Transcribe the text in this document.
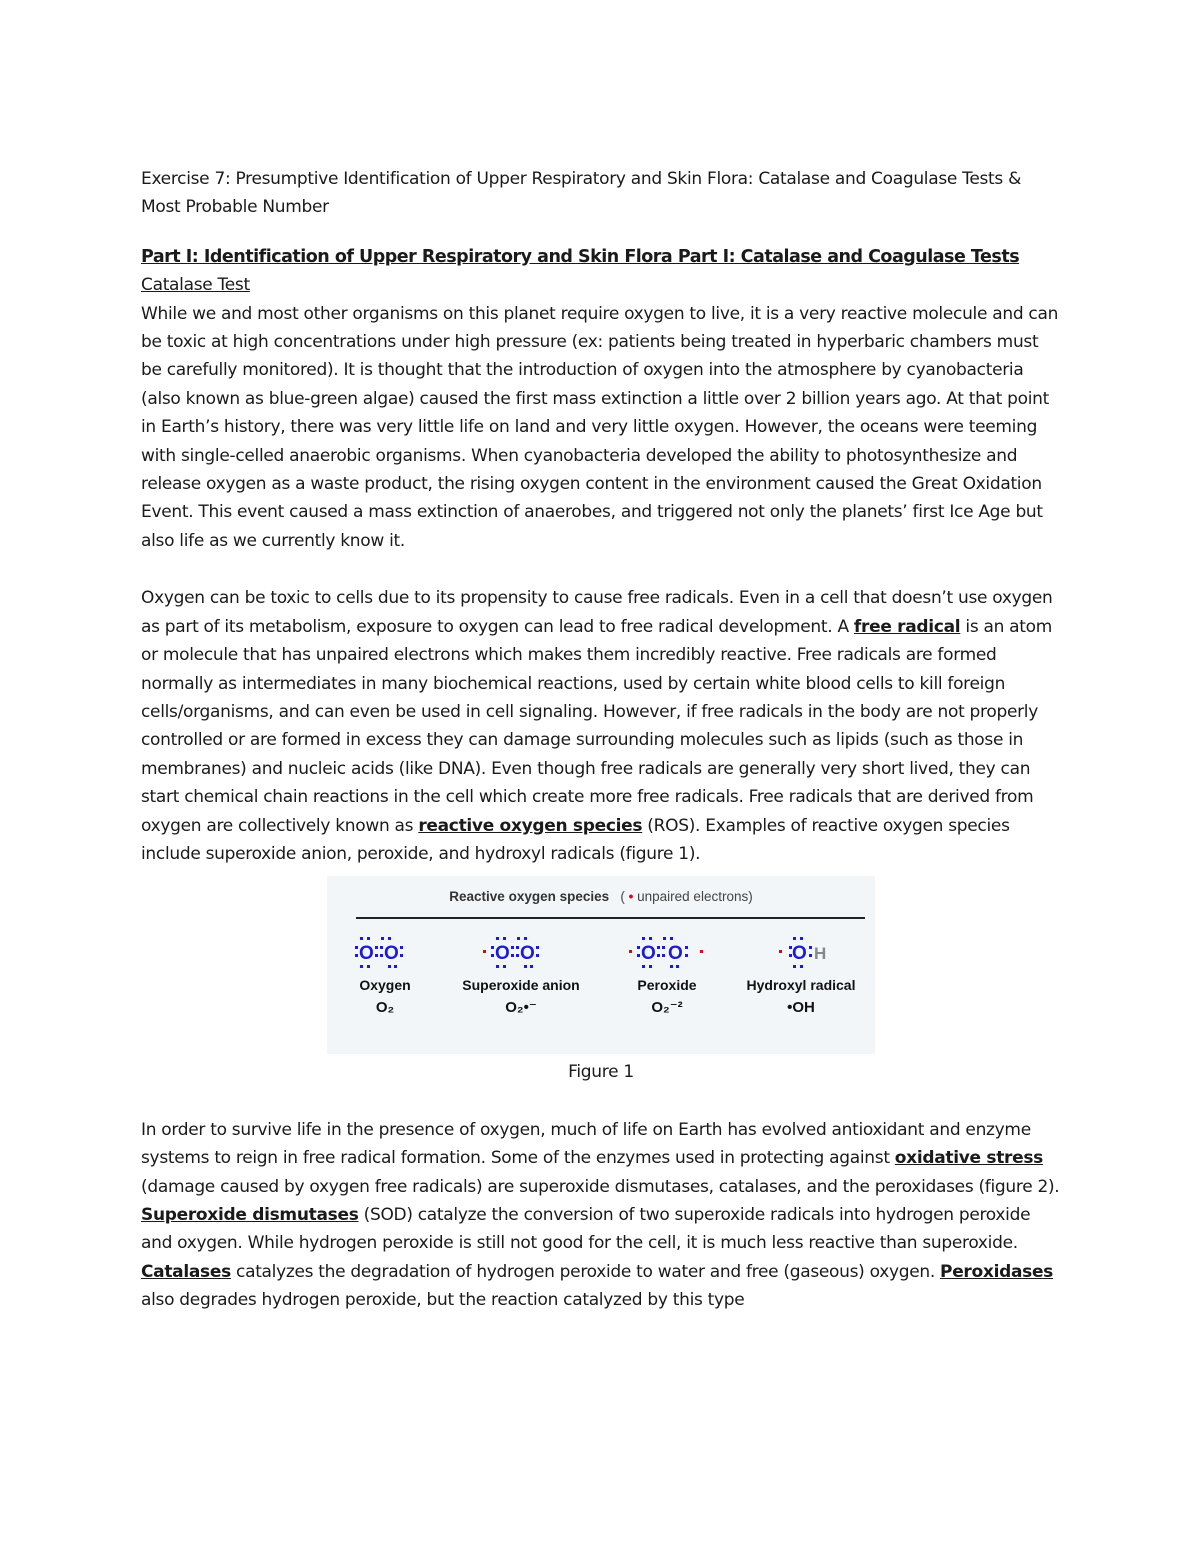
Exercise 7: Presumptive Identification of Upper Respiratory and Skin Flora: Catalase and Coagulase Tests & Most Probable Number

Part I: Identification of Upper Respiratory and Skin Flora Part I: Catalase and Coagulase Tests

Catalase Test

While we and most other organisms on this planet require oxygen to live, it is a very reactive molecule and can be toxic at high concentrations under high pressure (ex: patients being treated in hyperbaric chambers must be carefully monitored). It is thought that the introduction of oxygen into the atmosphere by cyanobacteria (also known as blue-green algae) caused the first mass extinction a little over 2 billion years ago. At that point in Earth’s history, there was very little life on land and very little oxygen. However, the oceans were teeming with single-celled anaerobic organisms. When cyanobacteria developed the ability to photosynthesize and release oxygen as a waste product, the rising oxygen content in the environment caused the Great Oxidation Event. This event caused a mass extinction of anaerobes, and triggered not only the planets’ first Ice Age but also life as we currently know it.

Oxygen can be toxic to cells due to its propensity to cause free radicals. Even in a cell that doesn’t use oxygen as part of its metabolism, exposure to oxygen can lead to free radical development. A free radical is an atom or molecule that has unpaired electrons which makes them incredibly reactive. Free radicals are formed normally as intermediates in many biochemical reactions, used by certain white blood cells to kill foreign cells/organisms, and can even be used in cell signaling. However, if free radicals in the body are not properly controlled or are formed in excess they can damage surrounding molecules such as lipids (such as those in membranes) and nucleic acids (like DNA). Even though free radicals are generally very short lived, they can start chemical chain reactions in the cell which create more free radicals. Free radicals that are derived from oxygen are collectively known as reactive oxygen species (ROS). Examples of reactive oxygen species include superoxide anion, peroxide, and hydroxyl radicals (figure 1).

Reactive oxygen species ( • unpaired electrons)
O O
Oxygen
O₂
O O
Superoxide anion
O₂•⁻
O O
Peroxide
O₂⁻²
O H
Hydroxyl radical
•OH

Figure 1

In order to survive life in the presence of oxygen, much of life on Earth has evolved antioxidant and enzyme systems to reign in free radical formation. Some of the enzymes used in protecting against oxidative stress (damage caused by oxygen free radicals) are superoxide dismutases, catalases, and the peroxidases (figure 2). Superoxide dismutases (SOD) catalyze the conversion of two superoxide radicals into hydrogen peroxide and oxygen. While hydrogen peroxide is still not good for the cell, it is much less reactive than superoxide. Catalases catalyzes the degradation of hydrogen peroxide to water and free (gaseous) oxygen. Peroxidases also degrades hydrogen peroxide, but the reaction catalyzed by this type
